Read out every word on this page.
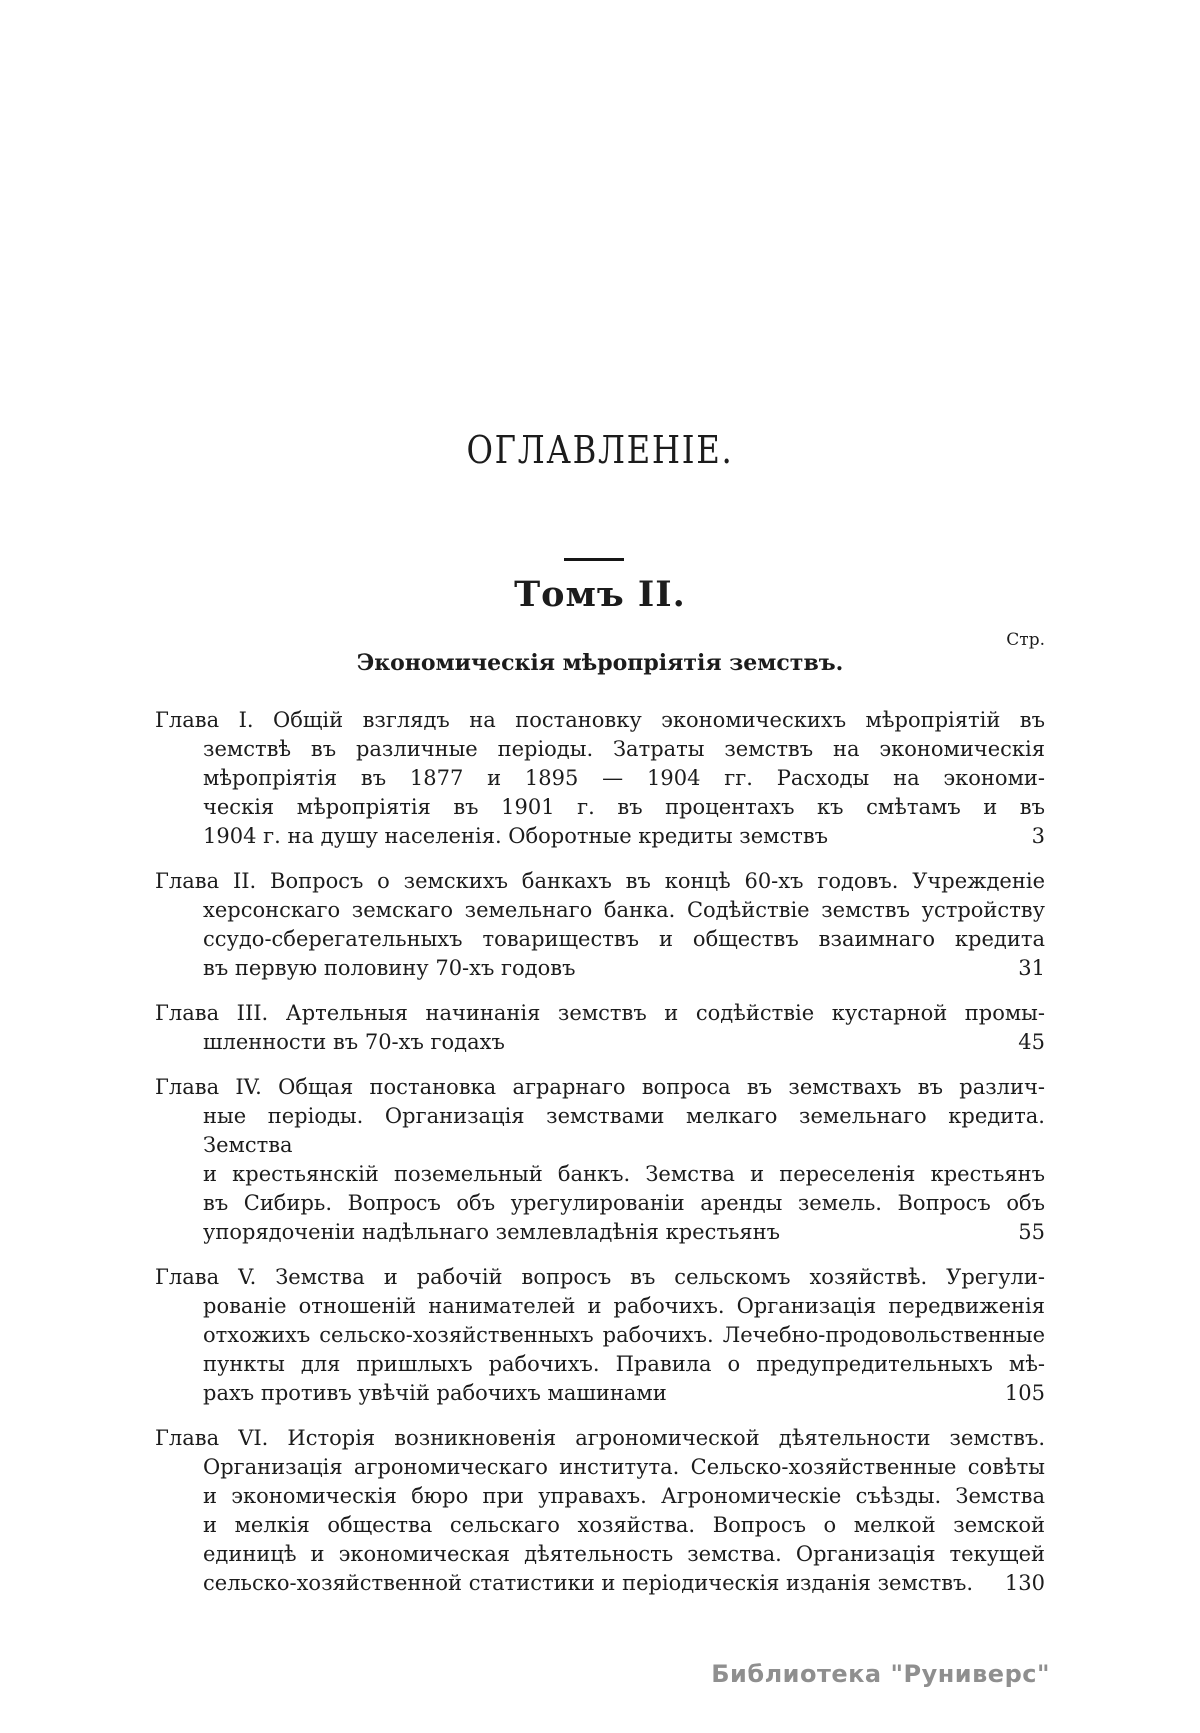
ОГЛАВЛЕНІЕ.
Томъ II.
Стр.
Экономическія мѣропріятія земствъ.
Глава I. Общій взглядъ на постановку экономическихъ мѣропріятій въ
земствѣ въ различные періоды. Затраты земствъ на экономическія
мѣропріятія въ 1877 и 1895 — 1904 гг. Расходы на экономи-
ческія мѣропріятія въ 1901 г. въ процентахъ къ смѣтамъ и въ
1904 г. на душу населенія. Оборотные кредиты земствъ	3
Глава II. Вопросъ о земскихъ банкахъ въ концѣ 60-хъ годовъ. Учрежденіе
херсонскаго земскаго земельнаго банка. Содѣйствіе земствъ устройству
ссудо-сберегательныхъ товариществъ и обществъ взаимнаго кредита
въ первую половину 70-хъ годовъ	31
Глава III. Артельныя начинанія земствъ и содѣйствіе кустарной промы-
шленности въ 70-хъ годахъ	45
Глава IV. Общая постановка аграрнаго вопроса въ земствахъ въ различ-
ные періоды. Организація земствами мелкаго земельнаго кредита. Земства
и крестьянскій поземельный банкъ. Земства и переселенія крестьянъ
въ Сибирь. Вопросъ объ урегулированіи аренды земель. Вопросъ объ
упорядоченіи надѣльнаго землевладѣнія крестьянъ	55
Глава V. Земства и рабочій вопросъ въ сельскомъ хозяйствѣ. Урегули-
рованіе отношеній нанимателей и рабочихъ. Организація передвиженія
отхожихъ сельско-хозяйственныхъ рабочихъ. Лечебно-продовольственные
пункты для пришлыхъ рабочихъ. Правила о предупредительныхъ мѣ-
рахъ противъ увѣчій рабочихъ машинами	105
Глава VI. Исторія возникновенія агрономической дѣятельности земствъ.
Организація агрономическаго института. Сельско-хозяйственные совѣты
и экономическія бюро при управахъ. Агрономическіе съѣзды. Земства
и мелкія общества сельскаго хозяйства. Вопросъ о мелкой земской
единицѣ и экономическая дѣятельность земства. Организація текущей
сельско-хозяйственной статистики и періодическія изданія земствъ. 130
Библиотека "Руниверс"
